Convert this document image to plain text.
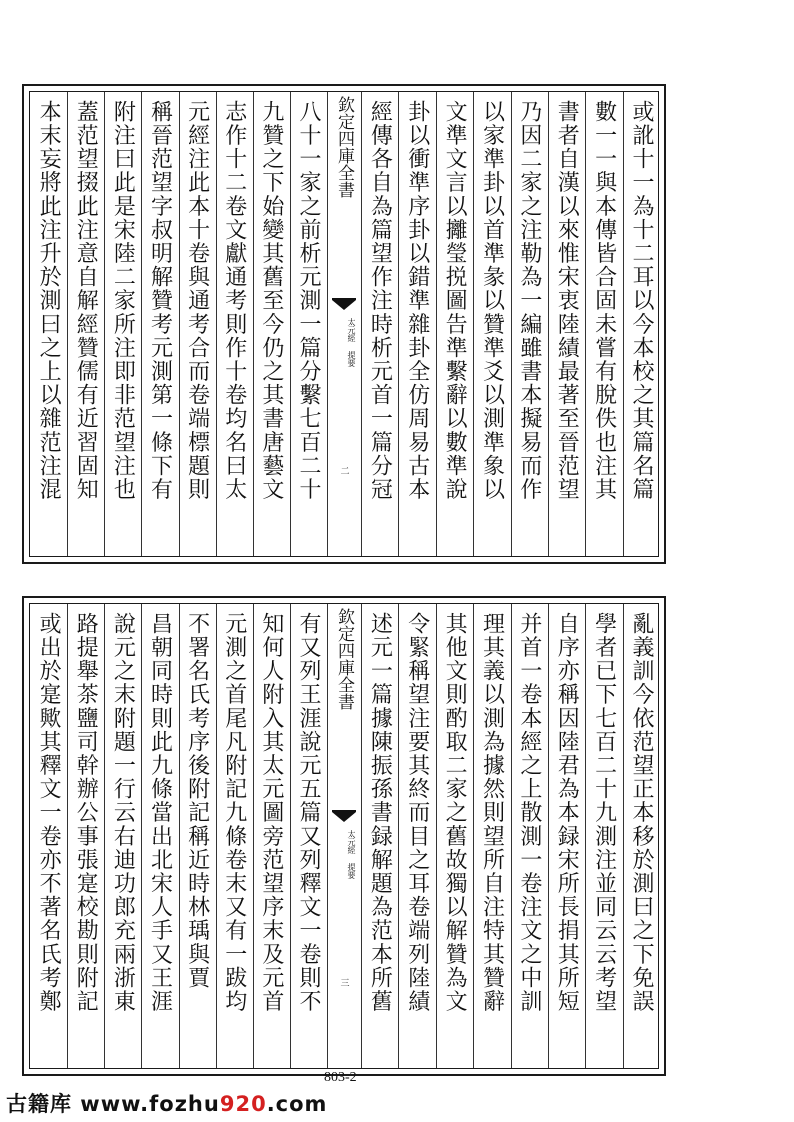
欽定四庫全書
太元經 提要
二	或訛十一為十二耳以今本校之其篇名篇
數一一與本傳皆合固未嘗有脫佚也注其
書者自漢以來惟宋衷陸績最著至晉范望
乃因二家之注勒為一編雖書本擬易而作
以家準卦以首準彖以贊準爻以測準象以
文準文言以攡瑩捝圖告準繫辭以數準說
卦以衝準序卦以錯準雜卦全仿周易古本
經傳各自為篇望作注時析元首一篇分冠
八十一家之前析元測一篇分繫七百二十
九贊之下始變其舊至今仍之其書唐藝文
志作十二卷文獻通考則作十卷均名曰太
元經注此本十卷與通考合而卷端標題則
稱晉范望字叔明解贊考元測第一條下有
附注曰此是宋陸二家所注即非范望注也
蓋范望掇此注意自解經贊儒有近習固知
本末妄將此注升於測曰之上以雜范注混
欽定四庫全書
太元經 提要
三	亂義訓今依范望正本移於測曰之下免誤
學者已下七百二十九測注並同云云考望
自序亦稱因陸君為本録宋所長捐其所短
并首一卷本經之上散測一卷注文之中訓
理其義以測為據然則望所自注特其贊辭
其他文則酌取二家之舊故獨以解贊為文
令緊稱望注要其終而目之耳卷端列陸績
述元一篇據陳振孫書録解題為范本所舊
有又列王涯說元五篇又列釋文一卷則不
知何人附入其太元圖旁范望序末及元首
元測之首尾凡附記九條卷末又有一跋均
不署名氏考序後附記稱近時林瑀與賈
昌朝同時則此九條當出北宋人手又王涯
說元之末附題一行云右迪功郎充兩浙東
路提舉茶鹽司幹辦公事張寔校勘則附記
或出於寔歟其釋文一卷亦不著名氏考鄭
803-2
古籍库 www.fozhu920.com
